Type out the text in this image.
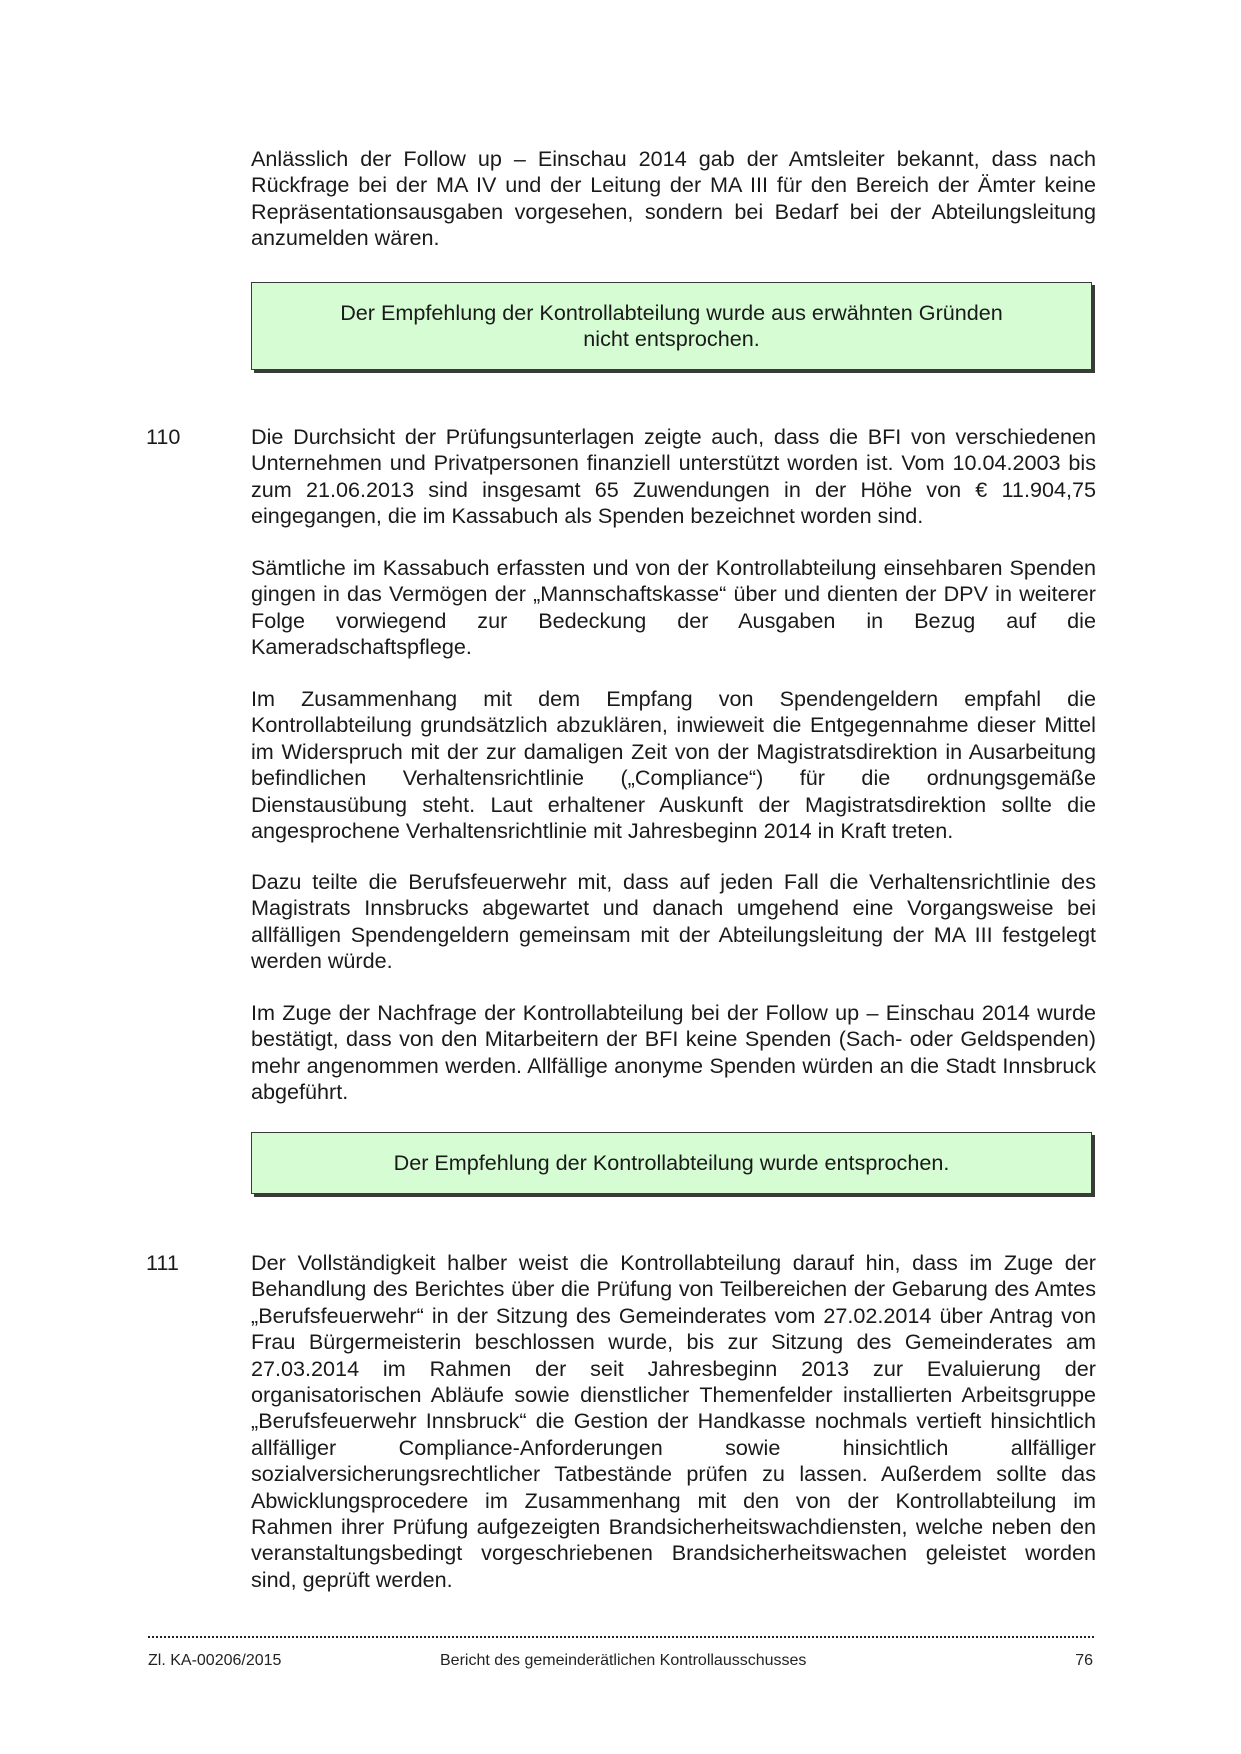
Anlässlich der Follow up – Einschau 2014 gab der Amtsleiter bekannt, dass nach Rückfrage bei der MA IV und der Leitung der MA III für den Bereich der Ämter keine Repräsentationsausgaben vorgesehen, sondern bei Bedarf bei der Abteilungsleitung anzumelden wären.

Der Empfehlung der Kontrollabteilung wurde aus erwähnten Gründen
nicht entsprochen.

110	Die Durchsicht der Prüfungsunterlagen zeigte auch, dass die BFI von verschiedenen Unternehmen und Privatpersonen finanziell unterstützt worden ist. Vom 10.04.2003 bis zum 21.06.2013 sind insgesamt 65 Zuwendungen in der Höhe von € 11.904,75 eingegangen, die im Kassabuch als Spenden bezeichnet worden sind.

Sämtliche im Kassabuch erfassten und von der Kontrollabteilung einsehbaren Spenden gingen in das Vermögen der „Mannschaftskasse“ über und dienten der DPV in weiterer Folge vorwiegend zur Bedeckung der Ausgaben in Bezug auf die Kameradschaftspflege.

Im Zusammenhang mit dem Empfang von Spendengeldern empfahl die Kontrollabteilung grundsätzlich abzuklären, inwieweit die Entgegennahme dieser Mittel im Widerspruch mit der zur damaligen Zeit von der Magistratsdirektion in Ausarbeitung befindlichen Verhaltensrichtlinie („Compliance“) für die ordnungsgemäße Dienstausübung steht. Laut erhaltener Auskunft der Magistratsdirektion sollte die angesprochene Verhaltensrichtlinie mit Jahresbeginn 2014 in Kraft treten.

Dazu teilte die Berufsfeuerwehr mit, dass auf jeden Fall die Verhaltensrichtlinie des Magistrats Innsbrucks abgewartet und danach umgehend eine Vorgangsweise bei allfälligen Spendengeldern gemeinsam mit der Abteilungsleitung der MA III festgelegt werden würde.

Im Zuge der Nachfrage der Kontrollabteilung bei der Follow up – Einschau 2014 wurde bestätigt, dass von den Mitarbeitern der BFI keine Spenden (Sach- oder Geldspenden) mehr angenommen werden. Allfällige anonyme Spenden würden an die Stadt Innsbruck abgeführt.

Der Empfehlung der Kontrollabteilung wurde entsprochen.

111	Der Vollständigkeit halber weist die Kontrollabteilung darauf hin, dass im Zuge der Behandlung des Berichtes über die Prüfung von Teilbereichen der Gebarung des Amtes „Berufsfeuerwehr“ in der Sitzung des Gemeinderates vom 27.02.2014 über Antrag von Frau Bürgermeisterin beschlossen wurde, bis zur Sitzung des Gemeinderates am 27.03.2014 im Rahmen der seit Jahresbeginn 2013 zur Evaluierung der organisatorischen Abläufe sowie dienstlicher Themenfelder installierten Arbeitsgruppe „Berufsfeuerwehr Innsbruck“ die Gestion der Handkasse nochmals vertieft hinsichtlich allfälliger Compliance-Anforderungen sowie hinsichtlich allfälliger sozialversicherungsrechtlicher Tatbestände prüfen zu lassen. Außerdem sollte das Abwicklungsprocedere im Zusammenhang mit den von der Kontrollabteilung im Rahmen ihrer Prüfung aufgezeigten Brandsicherheitswachdiensten, welche neben den veranstaltungsbedingt vorgeschriebenen Brandsicherheitswachen geleistet worden sind, geprüft werden.

Zl. KA-00206/2015	Bericht des gemeinderätlichen Kontrollausschusses	76
